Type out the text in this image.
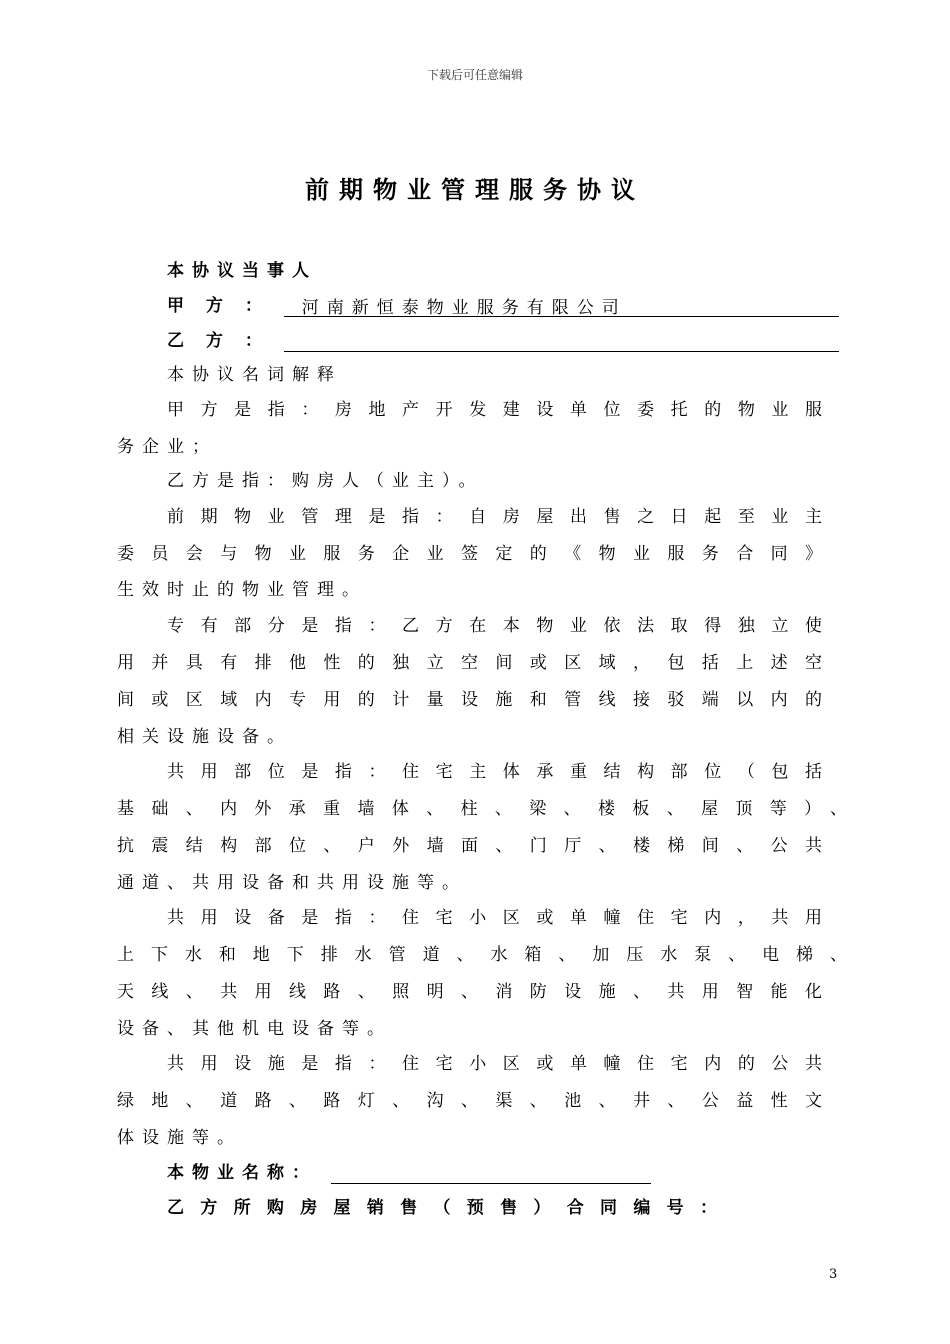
下载后可任意编辑
前期物业管理服务协议
本协议当事人
甲 方 ： 河南新恒泰物业服务有限公司
乙 方 ：
本协议名词解释
甲方是指：房地产开发建设单位委托的物业服
务企业；
乙方是指：购房人（业主）。
前期物业管理是指：自房屋出售之日起至业主
委员会与物业服务企业签定的《物业服务合同》
生效时止的物业管理。
专有部分是指：乙方在本物业依法取得独立使
用并具有排他性的独立空间或区域，包括上述空
间或区域内专用的计量设施和管线接驳端以内的
相关设施设备。
共用部位是指：住宅主体承重结构部位（包括
基础、内外承重墙体、柱、梁、楼板、屋顶等）、
抗震结构部位、户外墙面、门厅、楼梯间、公共
通道、共用设备和共用设施等。
共用设备是指：住宅小区或单幢住宅内，共用
上下水和地下排水管道、水箱、加压水泵、电梯、
天线、共用线路、照明、消防设施、共用智能化
设备、其他机电设备等。
共用设施是指：住宅小区或单幢住宅内的公共
绿地、道路、路灯、沟、渠、池、井、公益性文
体设施等。
本物业名称：
乙方所购房屋销售（预售）合同编号：
3
